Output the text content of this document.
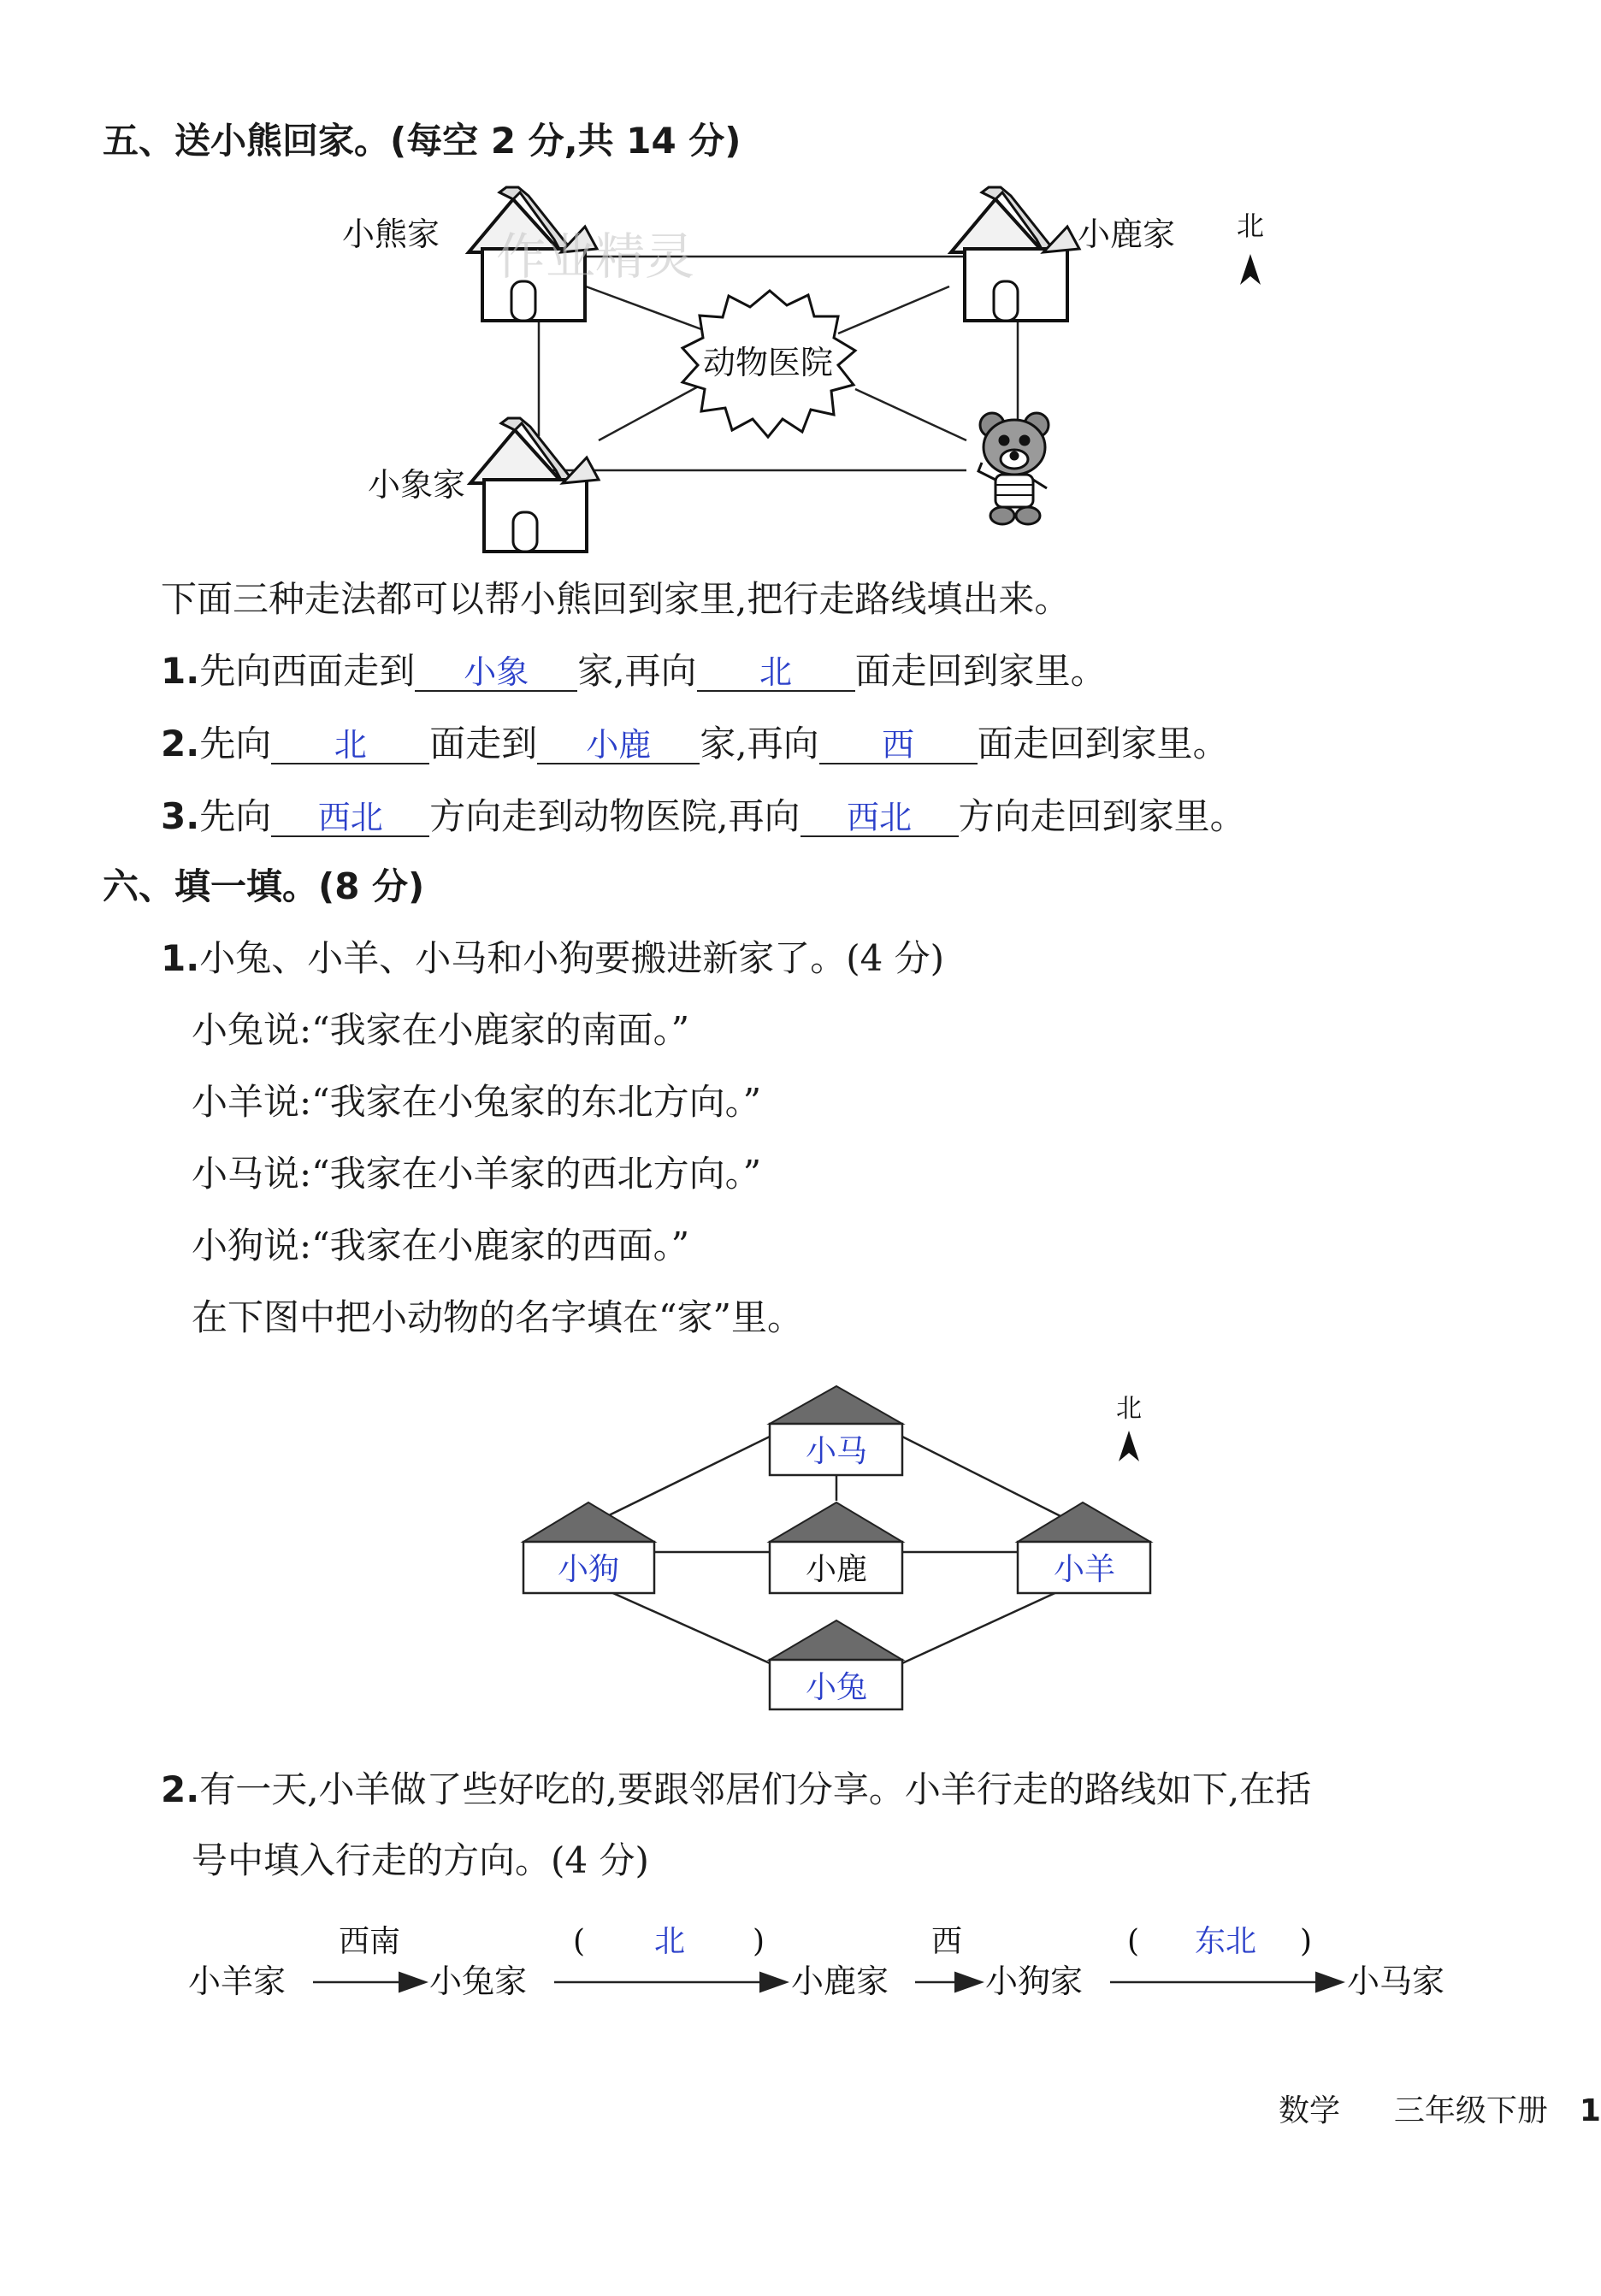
五、送小熊回家。(每空 2 分,共 14 分)
动物医院
小熊家	小鹿家
小象家
作业精灵
北
下面三种走法都可以帮小熊回到家里,把行走路线填出来。
1.先向西面走到 小象 家,再向 北 面走回到家里。
2.先向 北 面走到 小鹿 家,再向 西 面走回到家里。
3.先向 西北 方向走到动物医院,再向 西北 方向走回到家里。
六、填一填。(8 分)
1.小兔、小羊、小马和小狗要搬进新家了。(4 分)
小兔说:“我家在小鹿家的南面。”
小羊说:“我家在小兔家的东北方向。”
小马说:“我家在小羊家的西北方向。”
小狗说:“我家在小鹿家的西面。”
在下图中把小动物的名字填在“家”里。
小马
小狗	小鹿	小羊
小兔
北
2.有一天,小羊做了些好吃的,要跟邻居们分享。小羊行走的路线如下,在括
号中填入行走的方向。(4 分)
小羊家	小兔家	小鹿家	小狗家	小马家
西南	( 北 )	西	( 东北 )
数学 三年级下册 1
